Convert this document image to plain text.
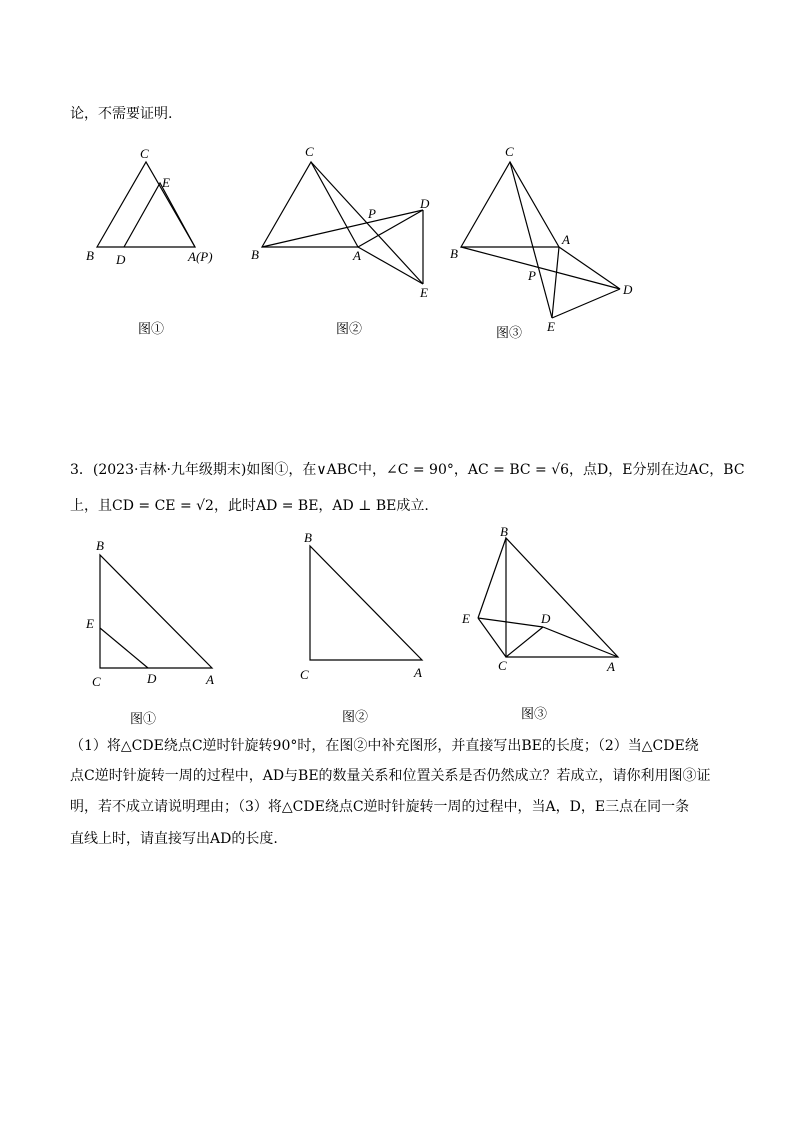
论，不需要证明.
C
E
B D	A(P)
C
P
D
B	A
E
C
A
B
P
D
E
图①	图②	图③
3．(2023·吉林·九年级期末)如图①，在∨ABC中，∠C = 90°，AC = BC = √6，点D，E分别在边AC，BC
上，且CD = CE = √2，此时AD = BE，AD ⊥ BE成立.
B
E
C	D	A
B
C	A
B
E	D
C	A
图①	图②	图③
（1）将△CDE绕点C逆时针旋转90°时，在图②中补充图形，并直接写出BE的长度；（2）当△CDE绕
点C逆时针旋转一周的过程中，AD与BE的数量关系和位置关系是否仍然成立？若成立，请你利用图③证
明，若不成立请说明理由；（3）将△CDE绕点C逆时针旋转一周的过程中，当A，D，E三点在同一条
直线上时，请直接写出AD的长度.
